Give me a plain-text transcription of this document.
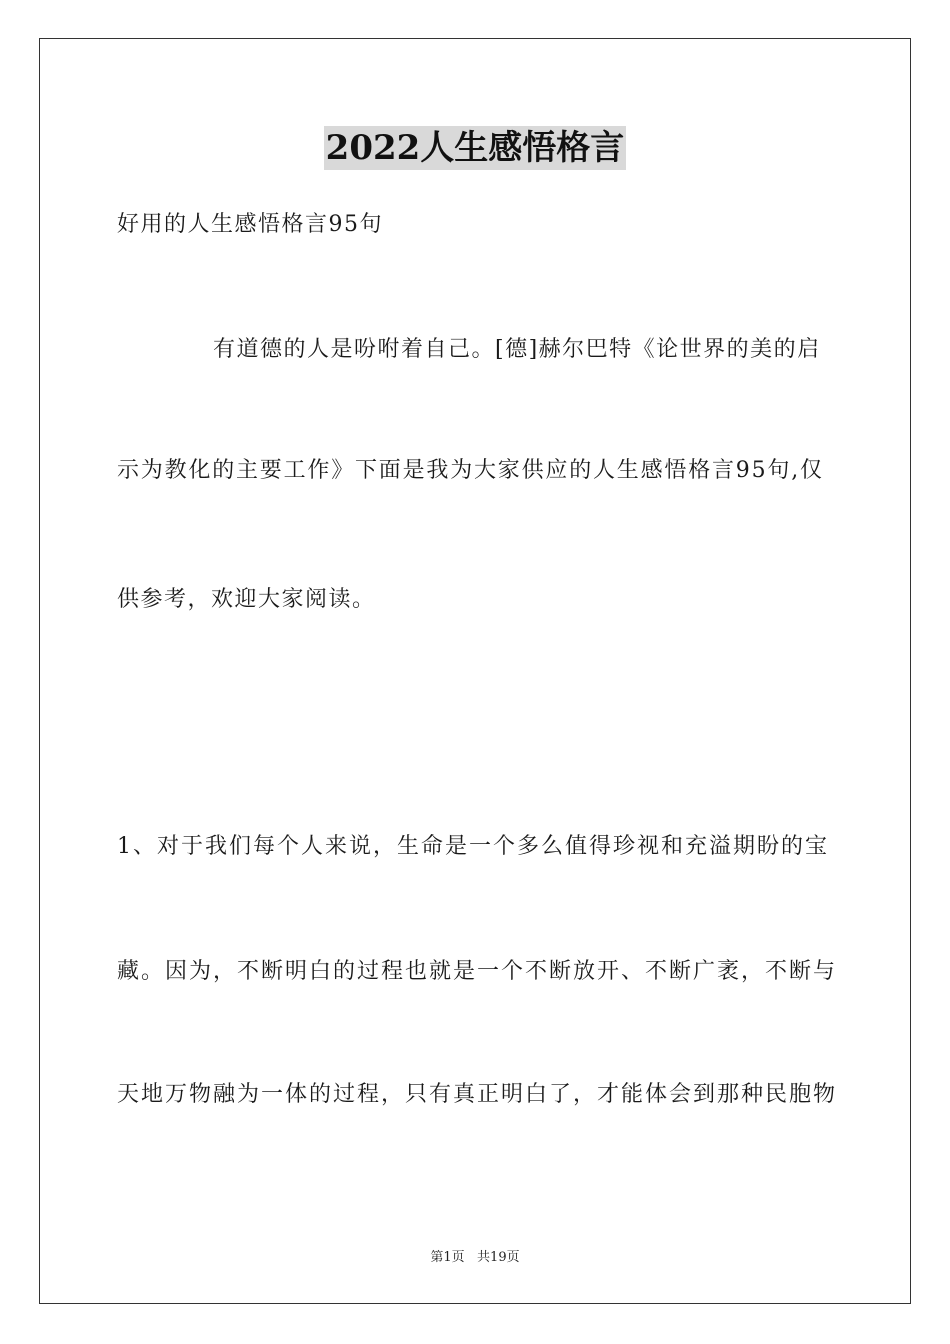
2022人生感悟格言
好用的人生感悟格言95句
有道德的人是吩咐着自己。[德]赫尔巴特《论世界的美的启
示为教化的主要工作》下面是我为大家供应的人生感悟格言95句,仅
供参考，欢迎大家阅读。
1、对于我们每个人来说，生命是一个多么值得珍视和充溢期盼的宝
藏。因为，不断明白的过程也就是一个不断放开、不断广袤，不断与
天地万物融为一体的过程，只有真正明白了，才能体会到那种民胞物
第1页   共19页
